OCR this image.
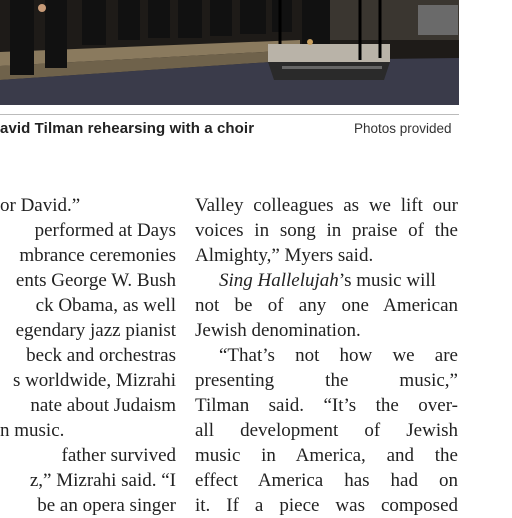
avid Tilman rehearsing with a choir	Photos provided
or David.”
performed at Days
mbrance ceremonies
ents George W. Bush
ck Obama, as well
egendary jazz pianist
beck and orchestras
s worldwide, Mizrahi
nate about Judaism
n music.
father survived
z,” Mizrahi said. “I
be an opera singer
Valley colleagues as we lift our
voices in song in praise of the
Almighty,” Myers said.
Sing Hallelujah’s music will
not be of any one American
Jewish denomination.
“That’s not how we are
presenting the music,”
Tilman said. “It’s the over-
all development of Jewish
music in America, and the
effect America has had on
it. If a piece was composed
